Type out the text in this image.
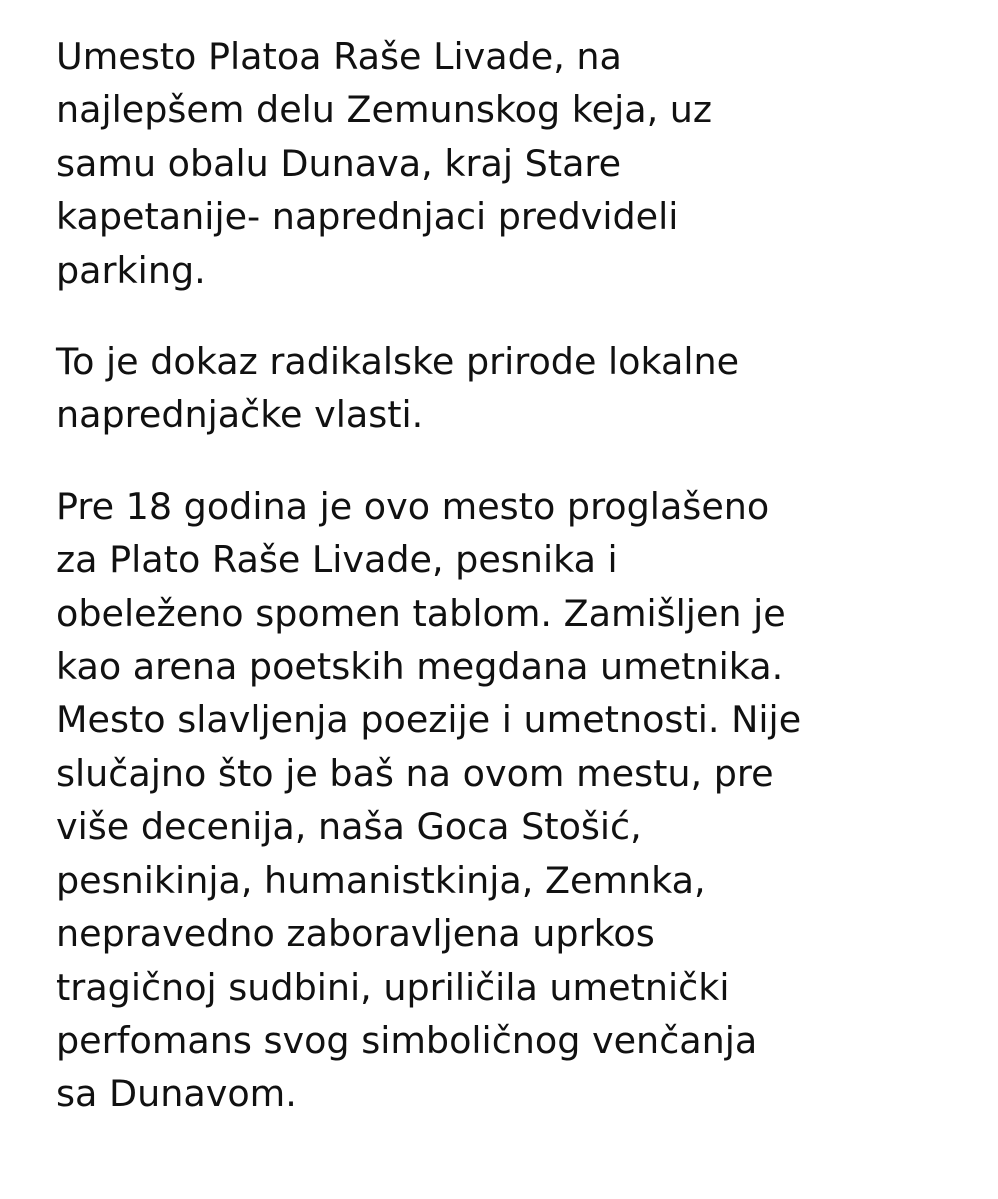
Umesto Platoa Raše Livade, na
najlepšem delu Zemunskog keja, uz
samu obalu Dunava, kraj Stare
kapetanije- naprednjaci predvideli
parking.

To je dokaz radikalske prirode lokalne
naprednjačke vlasti.

Pre 18 godina je ovo mesto proglašeno
za Plato Raše Livade, pesnika i
obeleženo spomen tablom. Zamišljen je
kao arena poetskih megdana umetnika.
Mesto slavljenja poezije i umetnosti. Nije
slučajno što je baš na ovom mestu, pre
više decenija, naša Goca Stošić,
pesnikinja, humanistkinja, Zemnka,
nepravedno zaboravljena uprkos
tragičnoj sudbini, upriličila umetnički
perfomans svog simboličnog venčanja
sa Dunavom.
